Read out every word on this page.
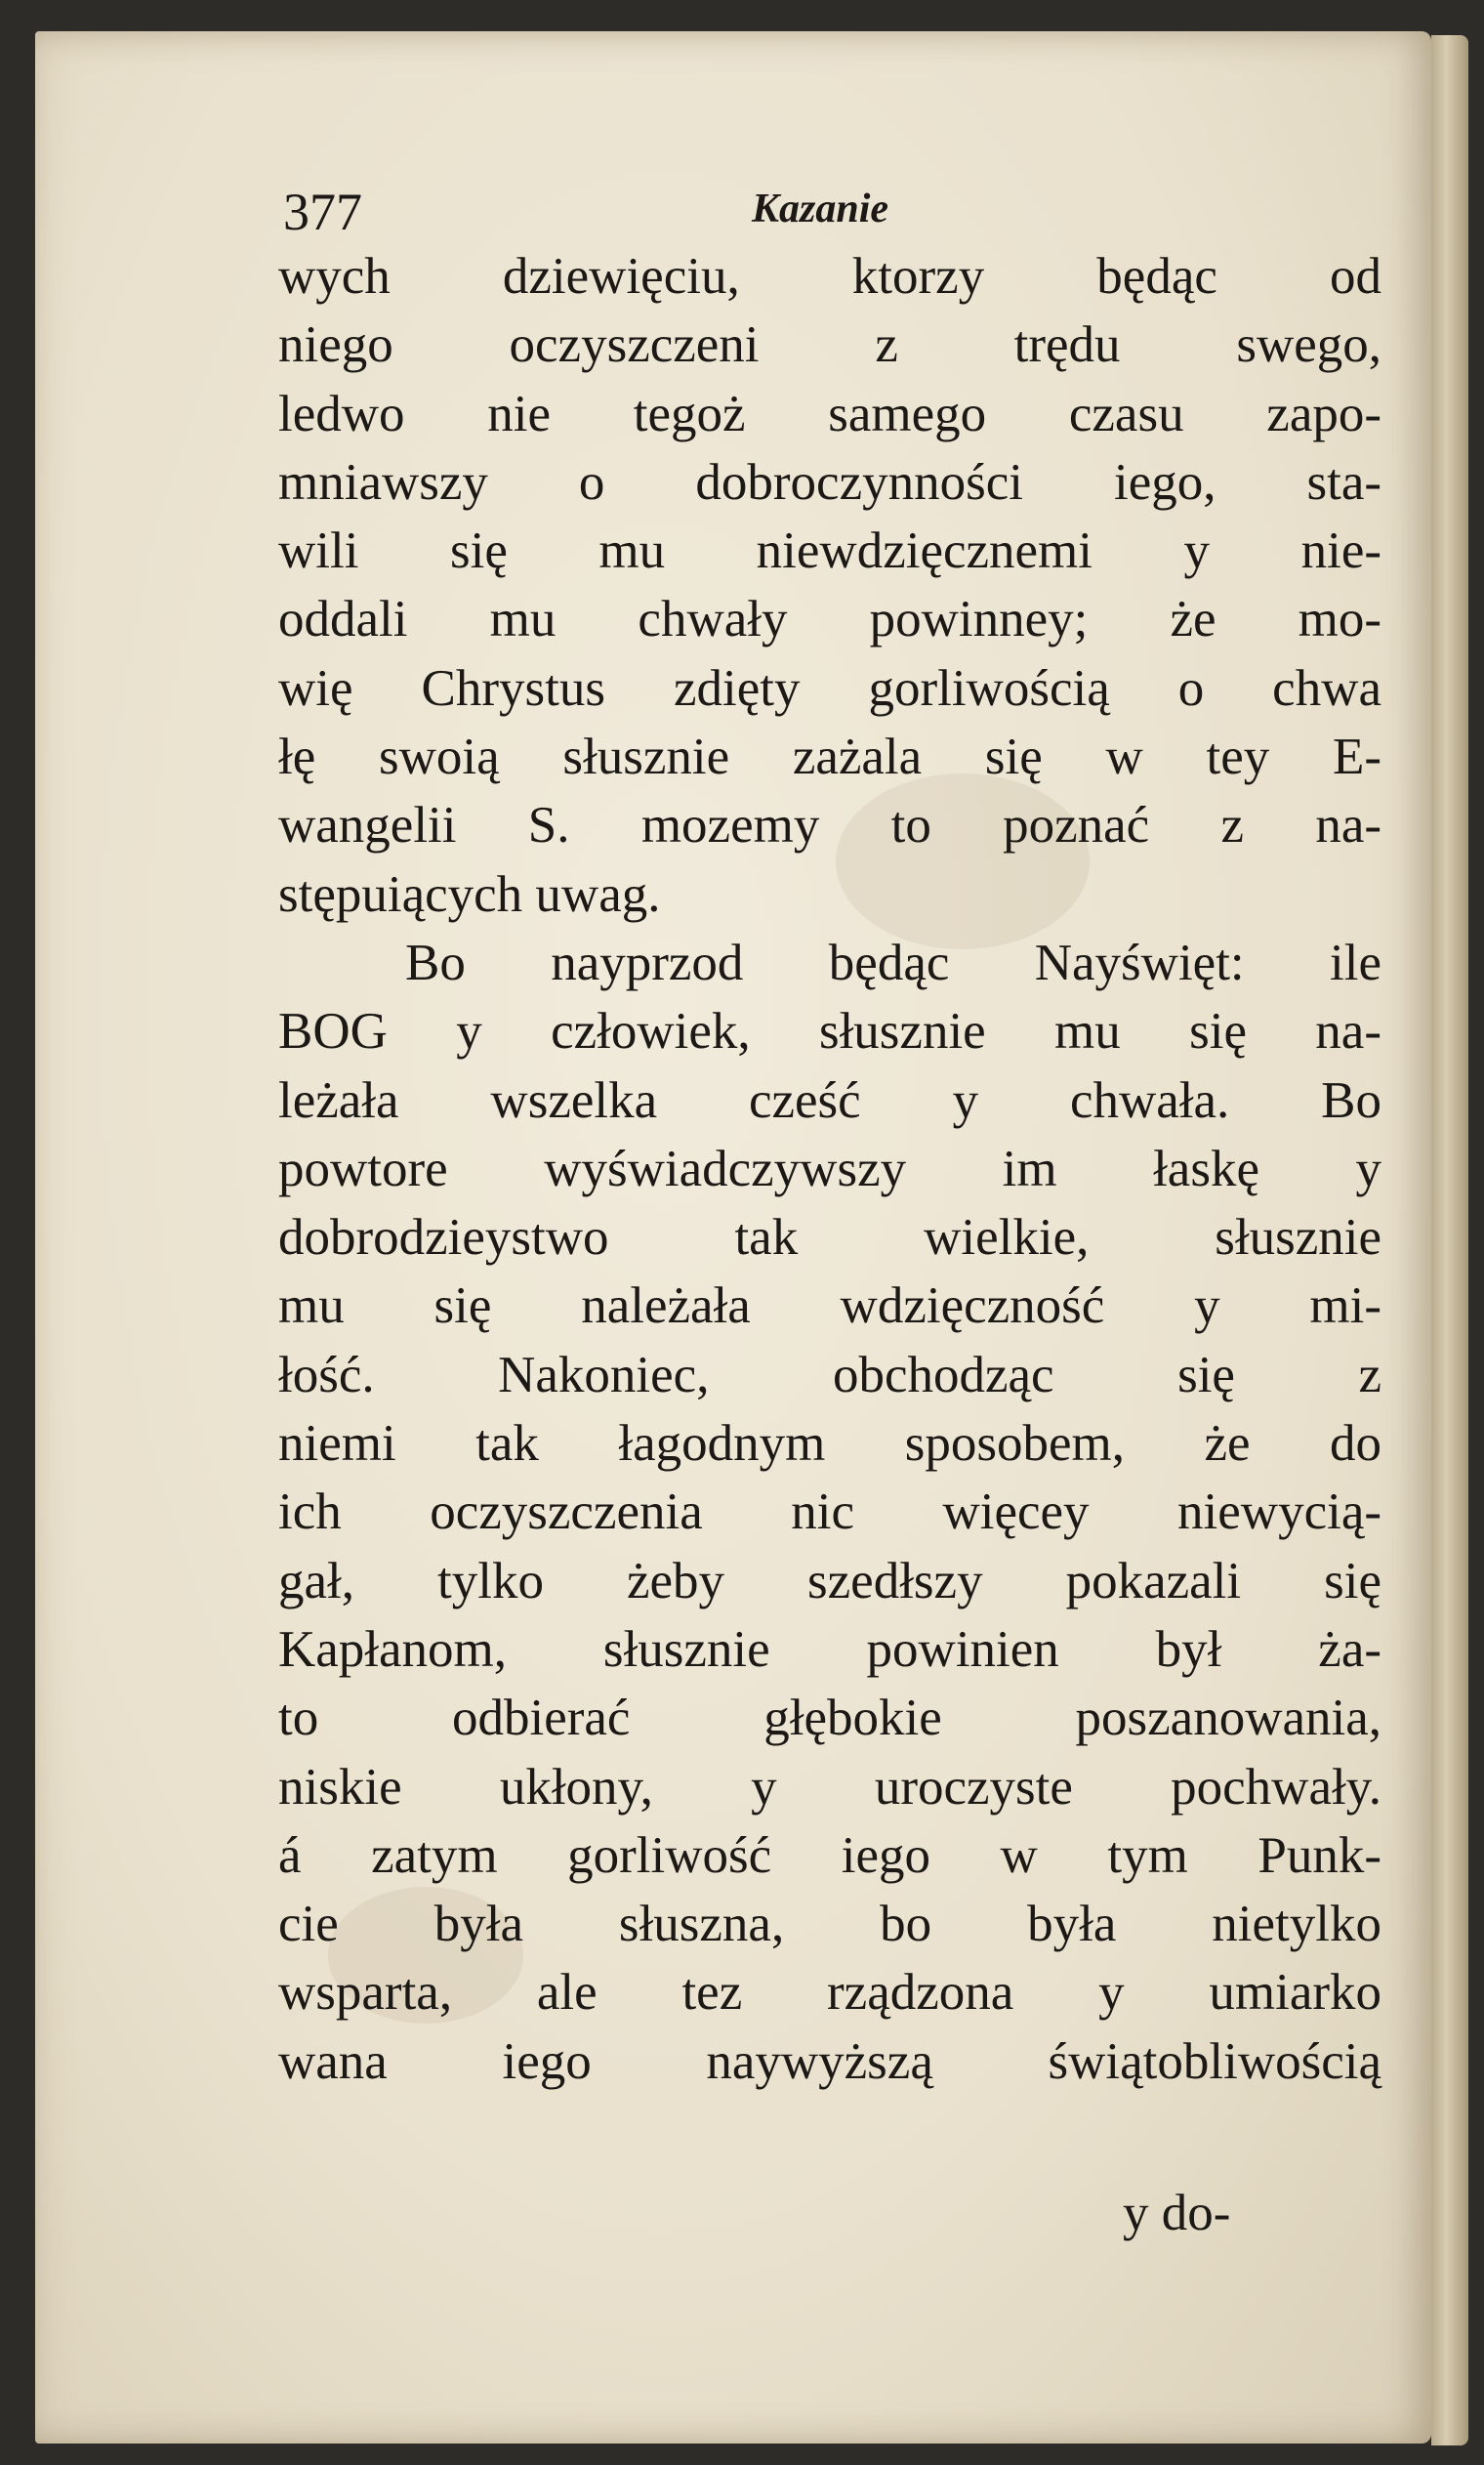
377	Kazanie
wych dziewięciu, ktorzy będąc od
niego oczyszczeni z trędu swego,
ledwo nie tegoż samego czasu zapo-
mniawszy o dobroczynności iego, sta-
wili się mu niewdzięcznemi y nie-
oddali mu chwały powinney; że mo-
wię Chrystus zdięty gorliwością o chwa
łę swoią słusznie zażala się w tey E-
wangelii S. mozemy to poznać z na-
stępuiących uwag.
Bo nayprzod będąc Nayświęt: ile
BOG y człowiek, słusznie mu się na-
leżała wszelka cześć y chwała. Bo
powtore wyświadczywszy im łaskę y
dobrodzieystwo tak wielkie, słusznie
mu się należała wdzięczność y mi-
łość. Nakoniec, obchodząc się z
niemi tak łagodnym sposobem, że do
ich oczyszczenia nic więcey niewycią-
gał, tylko żeby szedłszy pokazali się
Kapłanom, słusznie powinien był ża-
to odbierać głębokie poszanowania,
niskie ukłony, y uroczyste pochwały.
á zatym gorliwość iego w tym Punk-
cie była słuszna, bo była nietylko
wsparta, ale tez rządzona y umiarko
wana iego naywyższą świątobliwością
y do-
